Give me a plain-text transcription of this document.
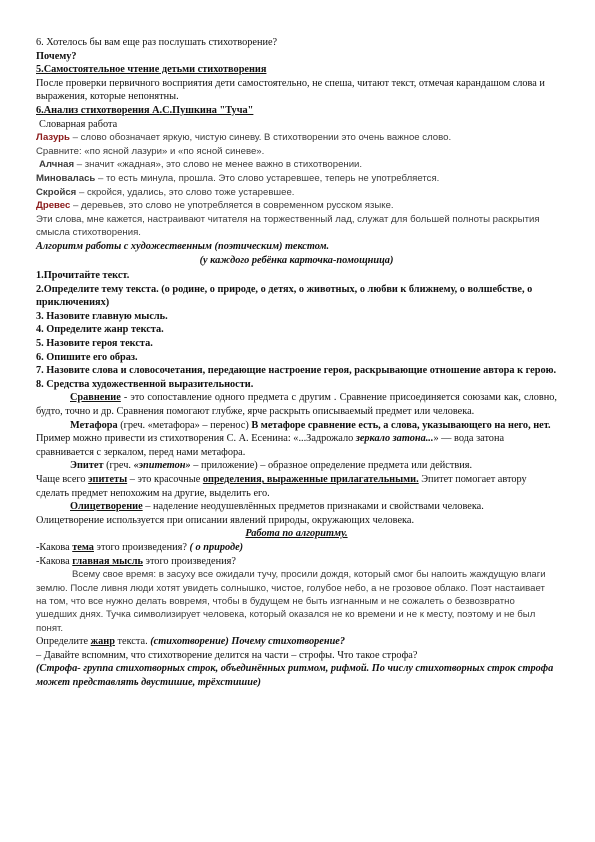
6. Хотелось бы вам еще раз послушать стихотворение?

Почему?

5.Самостоятельное чтение детьми стихотворения

После проверки первичного восприятия дети самостоятельно, не спеша, читают текст, отмечая карандашом слова и выражения, которые непонятны.

6.Анализ стихотворения А.С.Пушкина "Туча"

Словарная работа

Лазурь – слово обозначает яркую, чистую синеву. В стихотворении это очень важное слово.

Сравните: «по ясной лазури» и «по ясной синеве».

Алчная – значит «жадная», это слово не менее важно в стихотворении.

Миновалась – то есть минула, прошла. Это слово устаревшее, теперь не употребляется.

Скройся – скройся, удались, это слово тоже устаревшее.

Древес – деревьев, это слово не употребляется в современном русском языке.

Эти слова, мне кажется, настраивают читателя на торжественный лад, служат для большей полноты раскрытия смысла стихотворения.

Алгоритм работы с художественным (поэтическим) текстом.

(у каждого ребёнка карточка-помощница)

1.Прочитайте текст.

2.Определите тему текста. (о родине, о природе, о детях, о животных, о любви к ближнему, о волшебстве, о приключениях)

3. Назовите главную мысль.

4. Определите жанр текста.

5. Назовите героя текста.

6. Опишите его образ.

7. Назовите слова и словосочетания, передающие настроение героя, раскрывающие отношение автора к герою.

8. Средства художественной выразительности.

Сравнение - это сопоставление одного предмета с другим . Сравнение присоединяется союзами как, словно, будто, точно и др. Сравнения помогают глубже, ярче раскрыть описываемый предмет или человека.

Метафора (греч. «метафора» – перенос) В метафоре сравнение есть, а слова, указывающего на него, нет.

Пример можно привести из стихотворения С. А. Есенина: «...Задрожало зеркало затона...» — вода затона сравнивается с зеркалом, перед нами метафора.

Эпитет (греч. «эпитетон» – приложение) – образное определение предмета или действия.

Чаще всего эпитеты – это красочные определения, выраженные прилагательными. Эпитет помогает автору сделать предмет непохожим на другие, выделить его.

Олицетворение – наделение неодушевлённых предметов признаками и свойствами человека.

Олицетворение используется при описании явлений природы, окружающих человека.

Работа по алгоритму.

-Какова тема этого произведения? ( о природе)

-Какова главная мысль этого произведения?

Всему свое время: в засуху все ожидали тучу, просили дождя, который смог бы напоить жаждущую влаги землю. После ливня люди хотят увидеть солнышко, чистое, голубое небо, а не грозовое облако. Поэт настаивает на том, что все нужно делать вовремя, чтобы в будущем не быть изгнанным и не сожалеть о безвозвратно ушедших днях. Тучка символизирует человека, который оказался не ко времени и не к месту, поэтому и не был понят.

Определите жанр текста. (стихотворение) Почему стихотворение?

– Давайте вспомним, что стихотворение делится на части – строфы. Что такое строфа?

(Строфа- группа стихотворных строк, объединённых ритмом, рифмой. По числу стихотворных строк строфа может представлять двустишие, трёхстишие)
